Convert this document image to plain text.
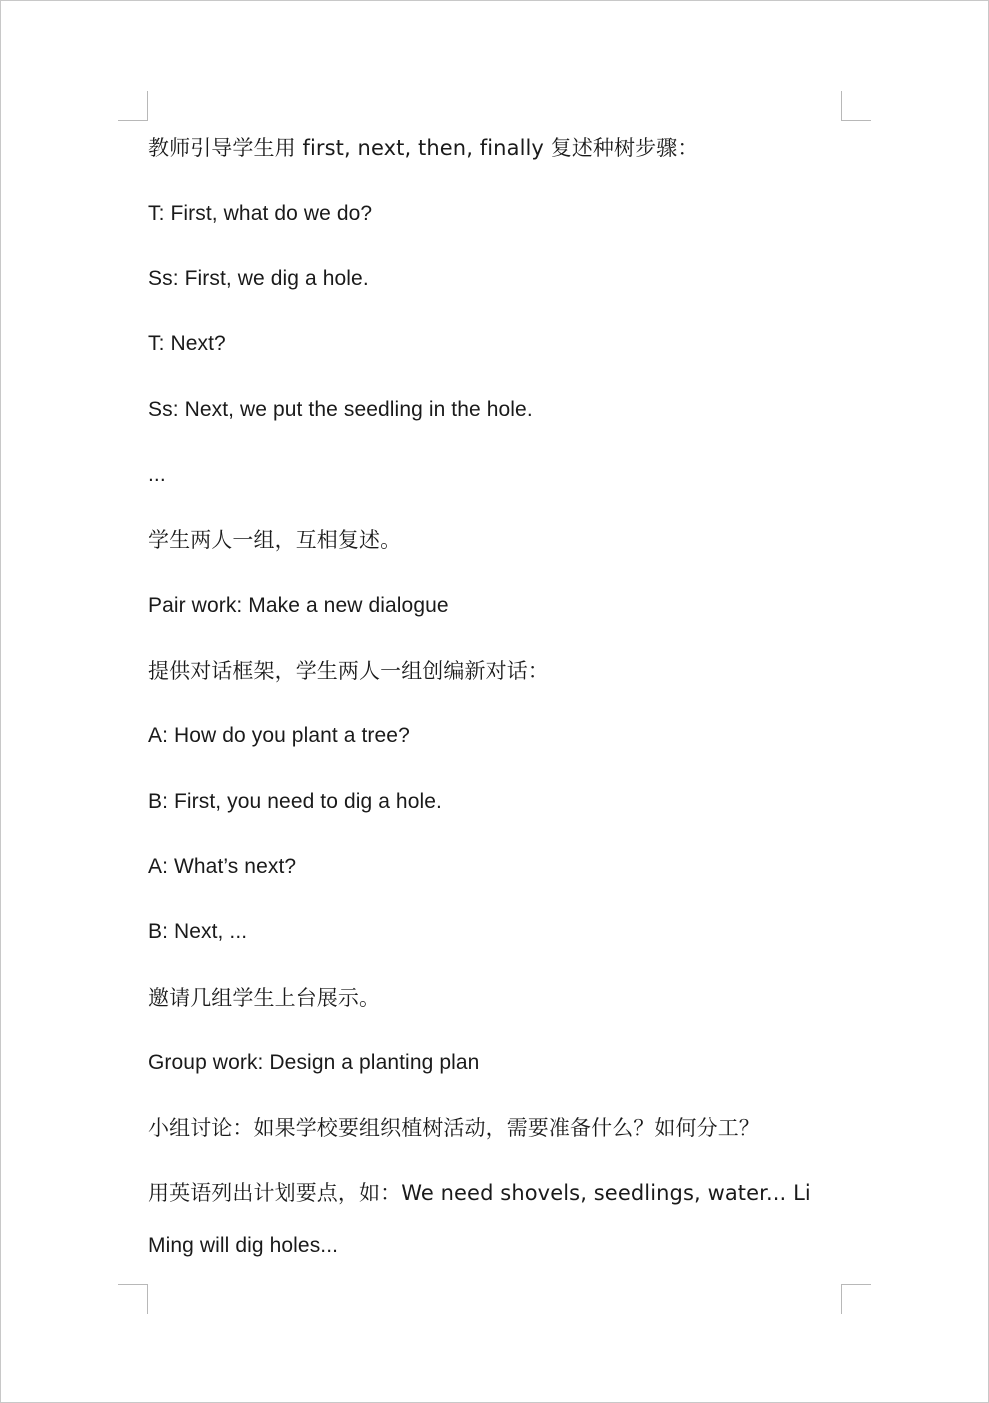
教师引导学生用 first, next, then, finally 复述种树步骤：
T: First, what do we do?
Ss: First, we dig a hole.
T: Next?
Ss: Next, we put the seedling in the hole.
...
学生两人一组，互相复述。
Pair work: Make a new dialogue
提供对话框架，学生两人一组创编新对话：
A: How do you plant a tree?
B: First, you need to dig a hole.
A: What’s next?
B: Next, ...
邀请几组学生上台展示。
Group work: Design a planting plan
小组讨论：如果学校要组织植树活动，需要准备什么？如何分工？
用英语列出计划要点，如：We need shovels, seedlings, water... Li
Ming will dig holes...
